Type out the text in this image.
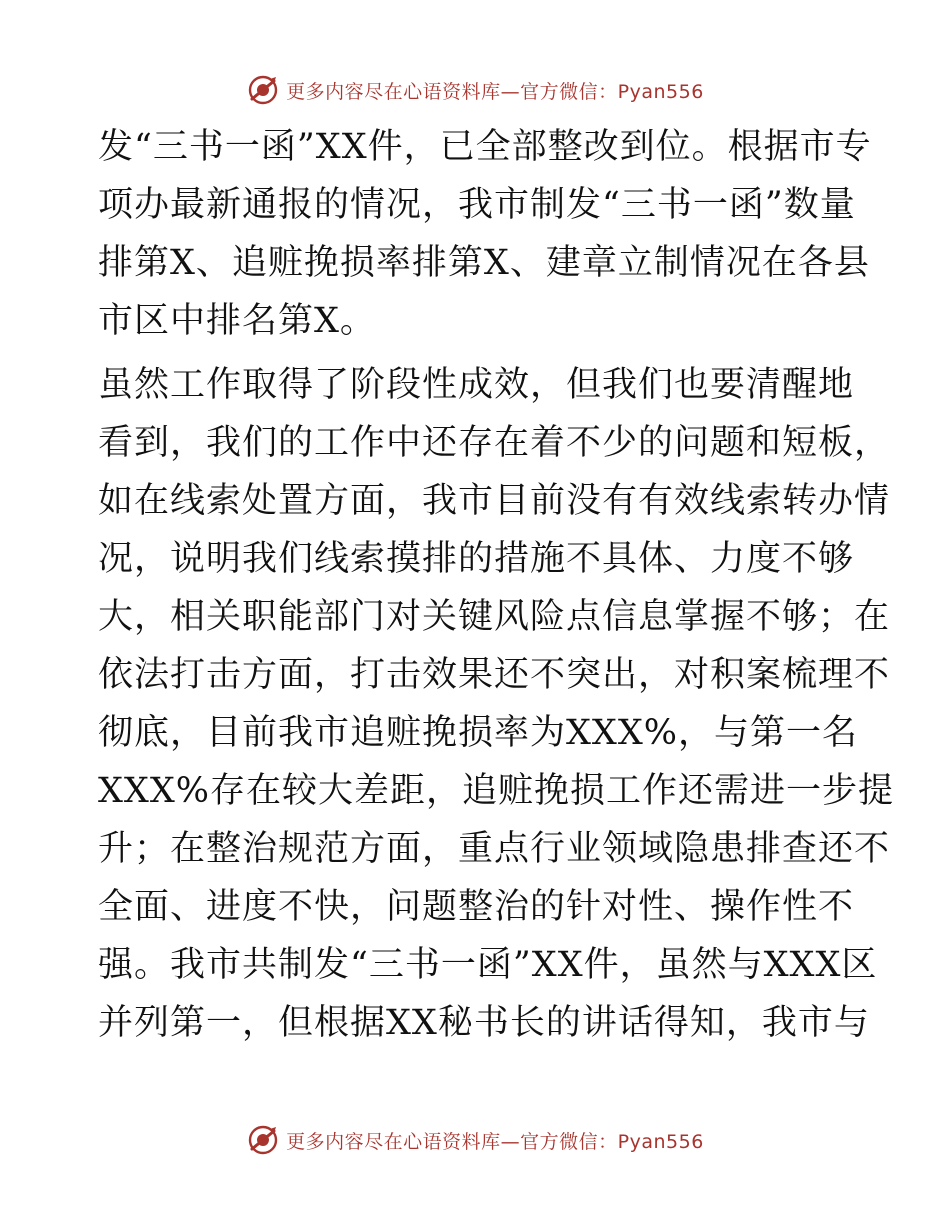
更多内容尽在心语资料库—官方微信：Pyan556
发“三书一函”XX件，已全部整改到位。根据市专
项办最新通报的情况，我市制发“三书一函”数量
排第X、追赃挽损率排第X、建章立制情况在各县
市区中排名第X。
虽然工作取得了阶段性成效，但我们也要清醒地
看到，我们的工作中还存在着不少的问题和短板，
如在线索处置方面，我市目前没有有效线索转办情
况，说明我们线索摸排的措施不具体、力度不够
大，相关职能部门对关键风险点信息掌握不够；在
依法打击方面，打击效果还不突出，对积案梳理不
彻底，目前我市追赃挽损率为XXX%，与第一名
XXX%存在较大差距，追赃挽损工作还需进一步提
升；在整治规范方面，重点行业领域隐患排查还不
全面、进度不快，问题整治的针对性、操作性不
强。我市共制发“三书一函”XX件，虽然与XXX区
并列第一，但根据XX秘书长的讲话得知，我市与
更多内容尽在心语资料库—官方微信：Pyan556
